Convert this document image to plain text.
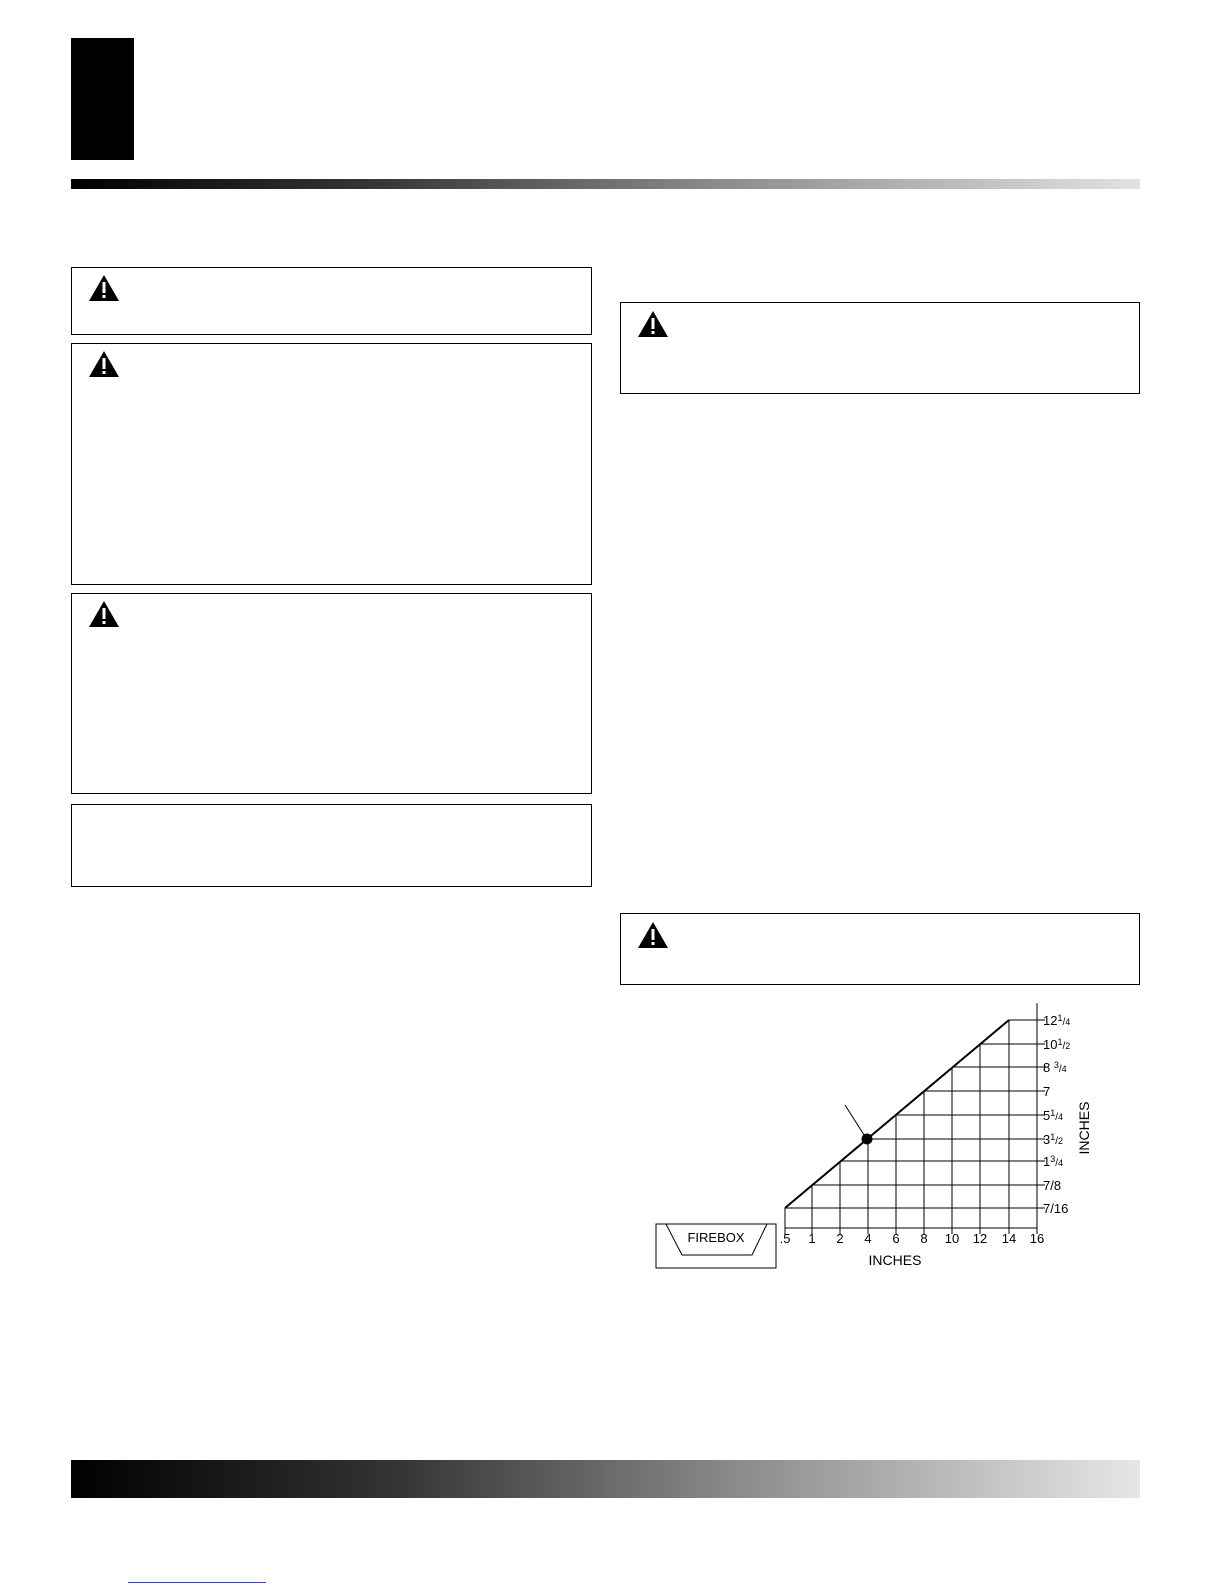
.5 1 2 4 6 8 10 12 14 16
$12^1_/4$
$10^1_/2$
8 $^3_/$4
7
$5^1_/4$
$3^1_/2$
$1^3_/4$
7/8
7/16
INCHES
INCHES
FIREBOX
